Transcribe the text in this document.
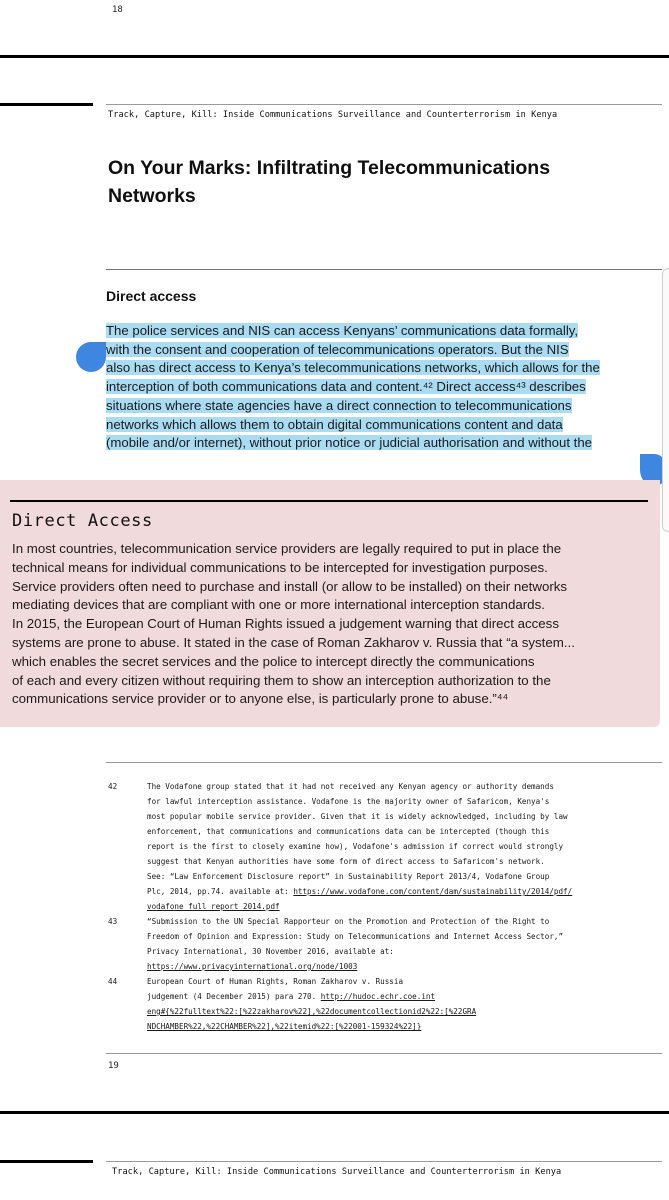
18
Track, Capture, Kill: Inside Communications Surveillance and Counterterrorism in Kenya
On Your Marks: Infiltrating Telecommunications
Networks
Direct access
The police services and NIS can access Kenyans’ communications data formally,
with the consent and cooperation of telecommunications operators. But the NIS
also has direct access to Kenya’s telecommunications networks, which allows for the
interception of both communications data and content.⁴² Direct access⁴³ describes
situations where state agencies have a direct connection to telecommunications
networks which allows them to obtain digital communications content and data
(mobile and/or internet), without prior notice or judicial authorisation and without the
Direct Access
In most countries, telecommunication service providers are legally required to put in place the
technical means for individual communications to be intercepted for investigation purposes.
Service providers often need to purchase and install (or allow to be installed) on their networks
mediating devices that are compliant with one or more international interception standards.
In 2015, the European Court of Human Rights issued a judgement warning that direct access
systems are prone to abuse. It stated in the case of Roman Zakharov v. Russia that “a system...
which enables the secret services and the police to intercept directly the communications
of each and every citizen without requiring them to show an interception authorization to the
communications service provider or to anyone else, is particularly prone to abuse.”⁴⁴
42	The Vodafone group stated that it had not received any Kenyan agency or authority demands
for lawful interception assistance. Vodafone is the majority owner of Safaricom, Kenya's
most popular mobile service provider. Given that it is widely acknowledged, including by law
enforcement, that communications and communications data can be intercepted (though this
report is the first to closely examine how), Vodafone's admission if correct would strongly
suggest that Kenyan authorities have some form of direct access to Safaricom's network.
See: “Law Enforcement Disclosure report” in Sustainability Report 2013/4, Vodafone Group
Plc, 2014, pp.74. available at: https://www.vodafone.com/content/dam/sustainability/2014/pdf/
vodafone_full_report_2014.pdf
43	“Submission to the UN Special Rapporteur on the Promotion and Protection of the Right to
Freedom of Opinion and Expression: Study on Telecommunications and Internet Access Sector,”
Privacy International, 30 November 2016, available at:
https://www.privacyinternational.org/node/1003
44	European Court of Human Rights, Roman Zakharov v. Russia
judgement (4 December 2015) para 270. http://hudoc.echr.coe.int
eng#{%22fulltext%22:[%22zakharov%22],%22documentcollectionid2%22:[%22GRA
NDCHAMBER%22,%22CHAMBER%22],%22itemid%22:[%22001-159324%22]}
19
Track, Capture, Kill: Inside Communications Surveillance and Counterterrorism in Kenya
